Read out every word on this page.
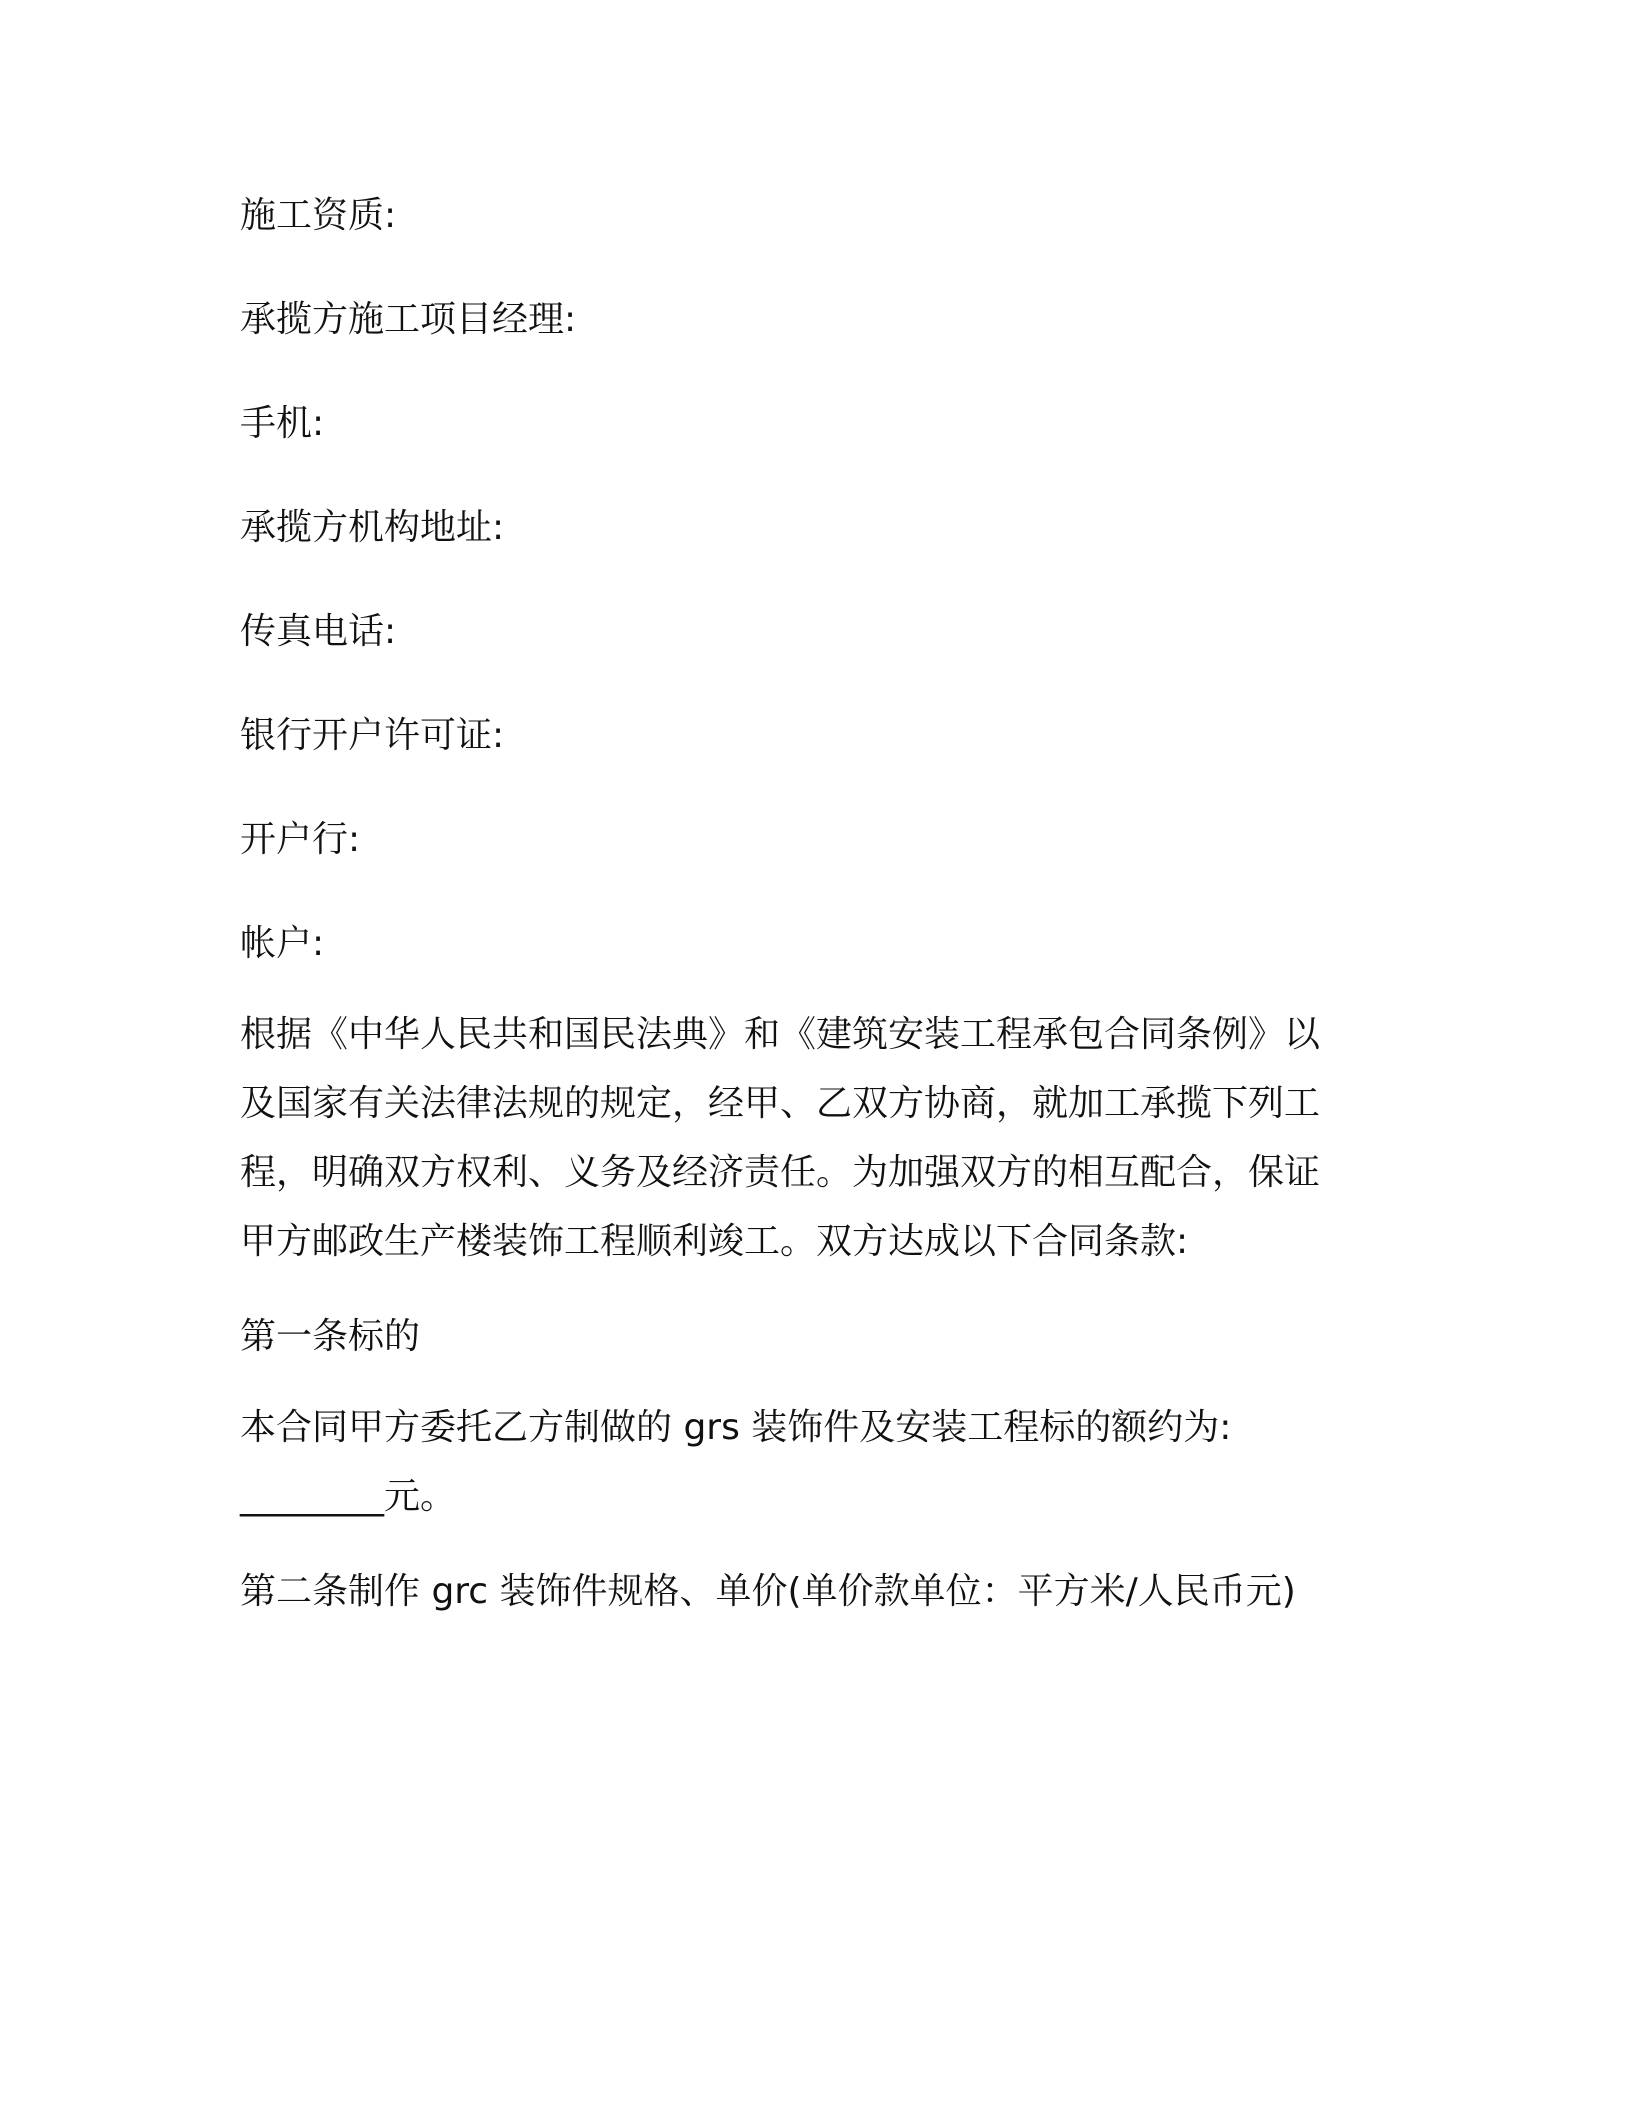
施工资质:
承揽方施工项目经理:
手机:
承揽方机构地址:
传真电话:
银行开户许可证:
开户行:
帐户:
根据《中华人民共和国民法典》和《建筑安装工程承包合同条例》以
及国家有关法律法规的规定，经甲、乙双方协商，就加工承揽下列工
程，明确双方权利、义务及经济责任。为加强双方的相互配合，保证
甲方邮政生产楼装饰工程顺利竣工。双方达成以下合同条款:
第一条标的
本合同甲方委托乙方制做的 grs 装饰件及安装工程标的额约为:
________元。
第二条制作 grc 装饰件规格、单价(单价款单位：平方米/人民币元)
